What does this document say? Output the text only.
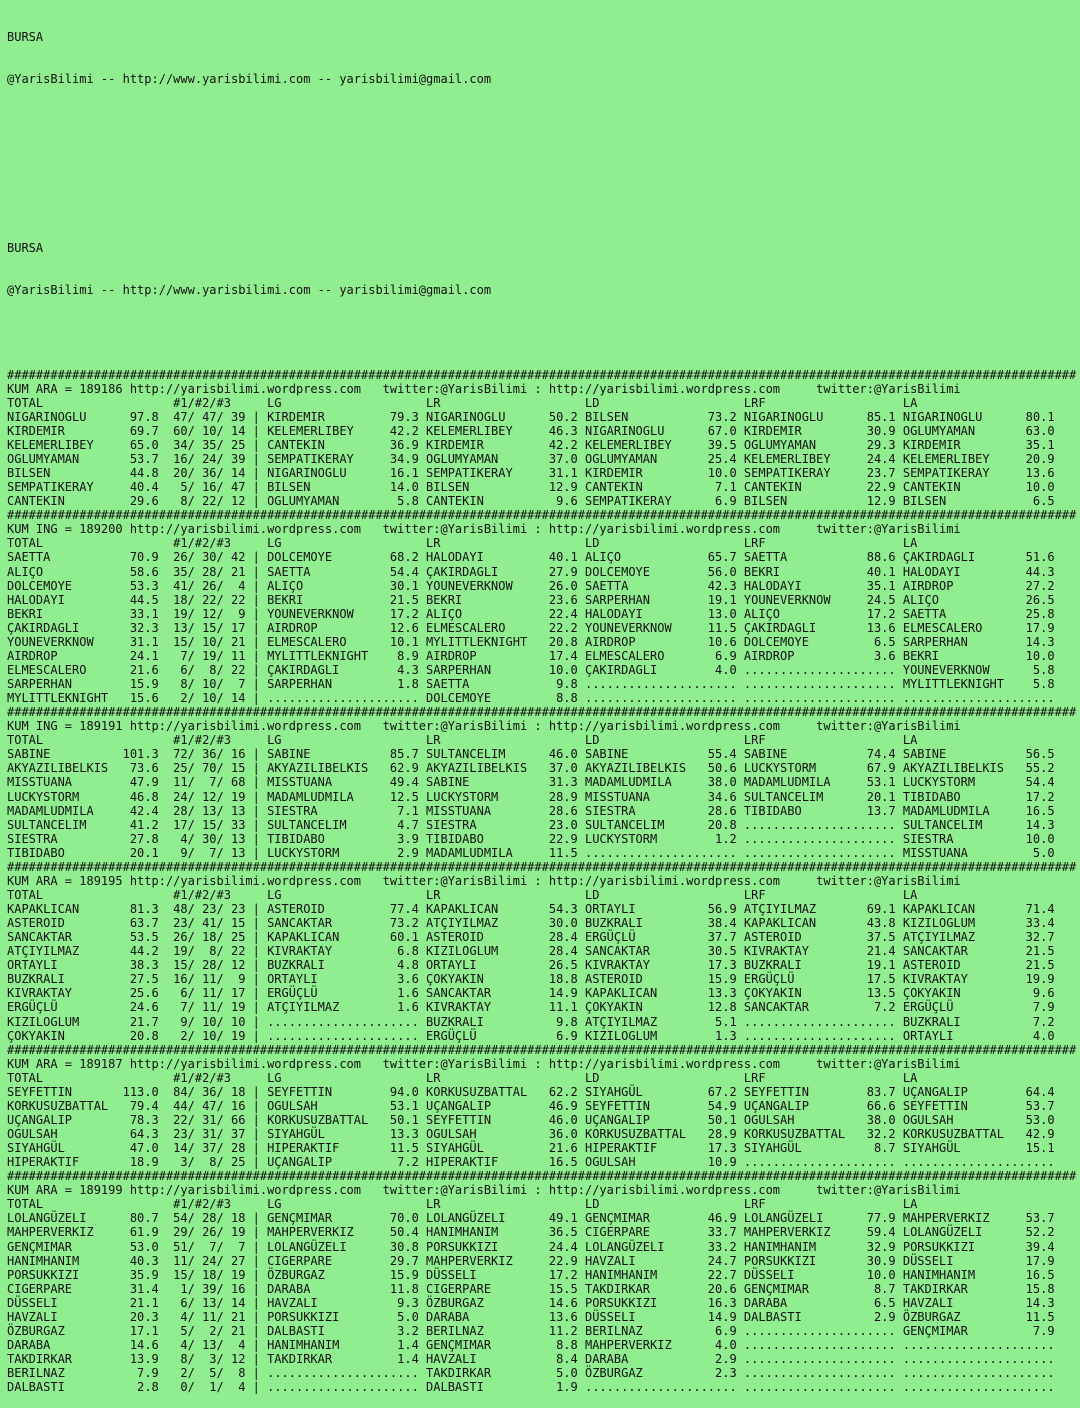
BURSA

@YarisBilimi -- http://www.yarisbilimi.com -- yarisbilimi@gmail.com

BURSA

@YarisBilimi -- http://www.yarisbilimi.com -- yarisbilimi@gmail.com

####################################################################################################################################################
KUM ARA = 189186 http://yarisbilimi.wordpress.com   twitter:@YarisBilimi : http://yarisbilimi.wordpress.com     twitter:@YarisBilimi
TOTAL                  #1/#2/#3     LG                    LR                    LD                    LRF                   LA
NIGARINOGLU      97.8  47/ 47/ 39 | KIRDEMIR         79.3 NIGARINOGLU      50.2 BILSEN           73.2 NIGARINOGLU      85.1 NIGARINOGLU      80.1
KIRDEMIR         69.7  60/ 10/ 14 | KELEMERLIBEY     42.2 KELEMERLIBEY     46.3 NIGARINOGLU      67.0 KIRDEMIR         30.9 OGLUMYAMAN       63.0
KELEMERLIBEY     65.0  34/ 35/ 25 | CANTEKIN         36.9 KIRDEMIR         42.2 KELEMERLIBEY     39.5 OGLUMYAMAN       29.3 KIRDEMIR         35.1
OGLUMYAMAN       53.7  16/ 24/ 39 | SEMPATIKERAY     34.9 OGLUMYAMAN       37.0 OGLUMYAMAN       25.4 KELEMERLIBEY     24.4 KELEMERLIBEY     20.9
BILSEN           44.8  20/ 36/ 14 | NIGARINOGLU      16.1 SEMPATIKERAY     31.1 KIRDEMIR         10.0 SEMPATIKERAY     23.7 SEMPATIKERAY     13.6
SEMPATIKERAY     40.4   5/ 16/ 47 | BILSEN           14.0 BILSEN           12.9 CANTEKIN          7.1 CANTEKIN         22.9 CANTEKIN         10.0
CANTEKIN         29.6   8/ 22/ 12 | OGLUMYAMAN        5.8 CANTEKIN          9.6 SEMPATIKERAY      6.9 BILSEN           12.9 BILSEN            6.5
####################################################################################################################################################
KUM ING = 189200 http://yarisbilimi.wordpress.com   twitter:@YarisBilimi : http://yarisbilimi.wordpress.com     twitter:@YarisBilimi
TOTAL                  #1/#2/#3     LG                    LR                    LD                    LRF                   LA
SAETTA           70.9  26/ 30/ 42 | DOLCEMOYE        68.2 HALODAYI         40.1 ALIÇO            65.7 SAETTA           88.6 ÇAKIRDAGLI       51.6
ALIÇO            58.6  35/ 28/ 21 | SAETTA           54.4 ÇAKIRDAGLI       27.9 DOLCEMOYE        56.0 BEKRI            40.1 HALODAYI         44.3
DOLCEMOYE        53.3  41/ 26/  4 | ALIÇO            30.1 YOUNEVERKNOW     26.0 SAETTA           42.3 HALODAYI         35.1 AIRDROP          27.2
HALODAYI         44.5  18/ 22/ 22 | BEKRI            21.5 BEKRI            23.6 SARPERHAN        19.1 YOUNEVERKNOW     24.5 ALIÇO            26.5
BEKRI            33.1  19/ 12/  9 | YOUNEVERKNOW     17.2 ALIÇO            22.4 HALODAYI         13.0 ALIÇO            17.2 SAETTA           25.8
ÇAKIRDAGLI       32.3  13/ 15/ 17 | AIRDROP          12.6 ELMESCALERO      22.2 YOUNEVERKNOW     11.5 ÇAKIRDAGLI       13.6 ELMESCALERO      17.9
YOUNEVERKNOW     31.1  15/ 10/ 21 | ELMESCALERO      10.1 MYLITTLEKNIGHT   20.8 AIRDROP          10.6 DOLCEMOYE         6.5 SARPERHAN        14.3
AIRDROP          24.1   7/ 19/ 11 | MYLITTLEKNIGHT    8.9 AIRDROP          17.4 ELMESCALERO       6.9 AIRDROP           3.6 BEKRI            10.0
ELMESCALERO      21.6   6/  8/ 22 | ÇAKIRDAGLI        4.3 SARPERHAN        10.0 ÇAKIRDAGLI        4.0 ..................... YOUNEVERKNOW      5.8
SARPERHAN        15.9   8/ 10/  7 | SARPERHAN         1.8 SAETTA            9.8 ..................... ..................... MYLITTLEKNIGHT    5.8
MYLITTLEKNIGHT   15.6   2/ 10/ 14 | ..................... DOLCEMOYE         8.8 ..................... ..................... .....................
####################################################################################################################################################
KUM ING = 189191 http://yarisbilimi.wordpress.com   twitter:@YarisBilimi : http://yarisbilimi.wordpress.com     twitter:@YarisBilimi
TOTAL                  #1/#2/#3     LG                    LR                    LD                    LRF                   LA
SABINE          101.3  72/ 36/ 16 | SABINE           85.7 SULTANCELIM      46.0 SABINE           55.4 SABINE           74.4 SABINE           56.5
AKYAZILIBELKIS   73.6  25/ 70/ 15 | AKYAZILIBELKIS   62.9 AKYAZILIBELKIS   37.0 AKYAZILIBELKIS   50.6 LUCKYSTORM       67.9 AKYAZILIBELKIS   55.2
MISSTUANA        47.9  11/  7/ 68 | MISSTUANA        49.4 SABINE           31.3 MADAMLUDMILA     38.0 MADAMLUDMILA     53.1 LUCKYSTORM       54.4
LUCKYSTORM       46.8  24/ 12/ 19 | MADAMLUDMILA     12.5 LUCKYSTORM       28.9 MISSTUANA        34.6 SULTANCELIM      20.1 TIBIDABO         17.2
MADAMLUDMILA     42.4  28/ 13/ 13 | SIESTRA           7.1 MISSTUANA        28.6 SIESTRA          28.6 TIBIDABO         13.7 MADAMLUDMILA     16.5
SULTANCELIM      41.2  17/ 15/ 33 | SULTANCELIM       4.7 SIESTRA          23.0 SULTANCELIM      20.8 ..................... SULTANCELIM      14.3
SIESTRA          27.8   4/ 30/ 13 | TIBIDABO          3.9 TIBIDABO         22.9 LUCKYSTORM        1.2 ..................... SIESTRA          10.0
TIBIDABO         20.1   9/  7/ 13 | LUCKYSTORM        2.9 MADAMLUDMILA     11.5 ..................... ..................... MISSTUANA         5.0
####################################################################################################################################################
KUM ARA = 189195 http://yarisbilimi.wordpress.com   twitter:@YarisBilimi : http://yarisbilimi.wordpress.com     twitter:@YarisBilimi
TOTAL                  #1/#2/#3     LG                    LR                    LD                    LRF                   LA
KAPAKLICAN       81.3  48/ 23/ 23 | ASTEROID         77.4 KAPAKLICAN       54.3 ORTAYLI          56.9 ATÇIYILMAZ       69.1 KAPAKLICAN       71.4
ASTEROID         63.7  23/ 41/ 15 | SANCAKTAR        73.2 ATÇIYILMAZ       30.0 BUZKRALI         38.4 KAPAKLICAN       43.8 KIZILOGLUM       33.4
SANCAKTAR        53.5  26/ 18/ 25 | KAPAKLICAN       60.1 ASTEROID         28.4 ERGÜÇLÜ          37.7 ASTEROID         37.5 ATÇIYILMAZ       32.7
ATÇIYILMAZ       44.2  19/  8/ 22 | KIVRAKTAY         6.8 KIZILOGLUM       28.4 SANCAKTAR        30.5 KIVRAKTAY        21.4 SANCAKTAR        21.5
ORTAYLI          38.3  15/ 28/ 12 | BUZKRALI          4.8 ORTAYLI          26.5 KIVRAKTAY        17.3 BUZKRALI         19.1 ASTEROID         21.5
BUZKRALI         27.5  16/ 11/  9 | ORTAYLI           3.6 ÇOKYAKIN         18.8 ASTEROID         15.9 ERGÜÇLÜ          17.5 KIVRAKTAY        19.9
KIVRAKTAY        25.6   6/ 11/ 17 | ERGÜÇLÜ           1.6 SANCAKTAR        14.9 KAPAKLICAN       13.3 ÇOKYAKIN         13.5 ÇOKYAKIN          9.6
ERGÜÇLÜ          24.6   7/ 11/ 19 | ATÇIYILMAZ        1.6 KIVRAKTAY        11.1 ÇOKYAKIN         12.8 SANCAKTAR         7.2 ERGÜÇLÜ           7.9
KIZILOGLUM       21.7   9/ 10/ 10 | ..................... BUZKRALI          9.8 ATÇIYILMAZ        5.1 ..................... BUZKRALI          7.2
ÇOKYAKIN         20.8   2/ 10/ 19 | ..................... ERGÜÇLÜ           6.9 KIZILOGLUM        1.3 ..................... ORTAYLI           4.0
####################################################################################################################################################
KUM ARA = 189187 http://yarisbilimi.wordpress.com   twitter:@YarisBilimi : http://yarisbilimi.wordpress.com     twitter:@YarisBilimi
TOTAL                  #1/#2/#3     LG                    LR                    LD                    LRF                   LA
SEYFETTIN       113.0  84/ 36/ 18 | SEYFETTIN        94.0 KORKUSUZBATTAL   62.2 SIYAHGÜL         67.2 SEYFETTIN        83.7 UÇANGALIP        64.4
KORKUSUZBATTAL   79.4  44/ 47/ 16 | OGULSAH          53.1 UÇANGALIP        46.9 SEYFETTIN        54.9 UÇANGALIP        66.6 SEYFETTIN        53.7
UÇANGALIP        78.3  22/ 31/ 66 | KORKUSUZBATTAL   50.1 SEYFETTIN        46.0 UÇANGALIP        50.1 OGULSAH          38.0 OGULSAH          53.0
OGULSAH          64.3  23/ 31/ 37 | SIYAHGÜL         13.3 OGULSAH          36.0 KORKUSUZBATTAL   28.9 KORKUSUZBATTAL   32.2 KORKUSUZBATTAL   42.9
SIYAHGÜL         47.0  14/ 37/ 28 | HIPERAKTIF       11.5 SIYAHGÜL         21.6 HIPERAKTIF       17.3 SIYAHGÜL          8.7 SIYAHGÜL         15.1
HIPERAKTIF       18.9   3/  8/ 25 | UÇANGALIP         7.2 HIPERAKTIF       16.5 OGULSAH          10.9 ..................... .....................
####################################################################################################################################################
KUM ARA = 189199 http://yarisbilimi.wordpress.com   twitter:@YarisBilimi : http://yarisbilimi.wordpress.com     twitter:@YarisBilimi
TOTAL                  #1/#2/#3     LG                    LR                    LD                    LRF                   LA
LOLANGÜZELI      80.7  54/ 28/ 18 | GENÇMIMAR        70.0 LOLANGÜZELI      49.1 GENÇMIMAR        46.9 LOLANGÜZELI      77.9 MAHPERVERKIZ     53.7
MAHPERVERKIZ     61.9  29/ 26/ 19 | MAHPERVERKIZ     50.4 HANIMHANIM       36.5 CIGERPARE        33.7 MAHPERVERKIZ     59.4 LOLANGÜZELI      52.2
GENÇMIMAR        53.0  51/  7/  7 | LOLANGÜZELI      30.8 PORSUKKIZI       24.4 LOLANGÜZELI      33.2 HANIMHANIM       32.9 PORSUKKIZI       39.4
HANIMHANIM       40.3  11/ 24/ 27 | CIGERPARE        29.7 MAHPERVERKIZ     22.9 HAVZALI          24.7 PORSUKKIZI       30.9 DÜSSELI          17.9
PORSUKKIZI       35.9  15/ 18/ 19 | ÖZBURGAZ         15.9 DÜSSELI          17.2 HANIMHANIM       22.7 DÜSSELI          10.0 HANIMHANIM       16.5
CIGERPARE        31.4   1/ 39/ 16 | DARABA           11.8 CIGERPARE        15.5 TAKDIRKAR        20.6 GENÇMIMAR         8.7 TAKDIRKAR        15.8
DÜSSELI          21.1   6/ 13/ 14 | HAVZALI           9.3 ÖZBURGAZ         14.6 PORSUKKIZI       16.3 DARABA            6.5 HAVZALI          14.3
HAVZALI          20.3   4/ 11/ 21 | PORSUKKIZI        5.0 DARABA           13.6 DÜSSELI          14.9 DALBASTI          2.9 ÖZBURGAZ         11.5
ÖZBURGAZ         17.1   5/  2/ 21 | DALBASTI          3.2 BERILNAZ         11.2 BERILNAZ          6.9 ..................... GENÇMIMAR         7.9
DARABA           14.6   4/ 13/  4 | HANIMHANIM        1.4 GENÇMIMAR         8.8 MAHPERVERKIZ      4.0 ..................... .....................
TAKDIRKAR        13.9   8/  3/ 12 | TAKDIRKAR         1.4 HAVZALI           8.4 DARABA            2.9 ..................... .....................
BERILNAZ          7.9   2/  5/  8 | ..................... TAKDIRKAR         5.0 ÖZBURGAZ          2.3 ..................... .....................
DALBASTI          2.8   0/  1/  4 | ..................... DALBASTI          1.9 ..................... ..................... .....................
